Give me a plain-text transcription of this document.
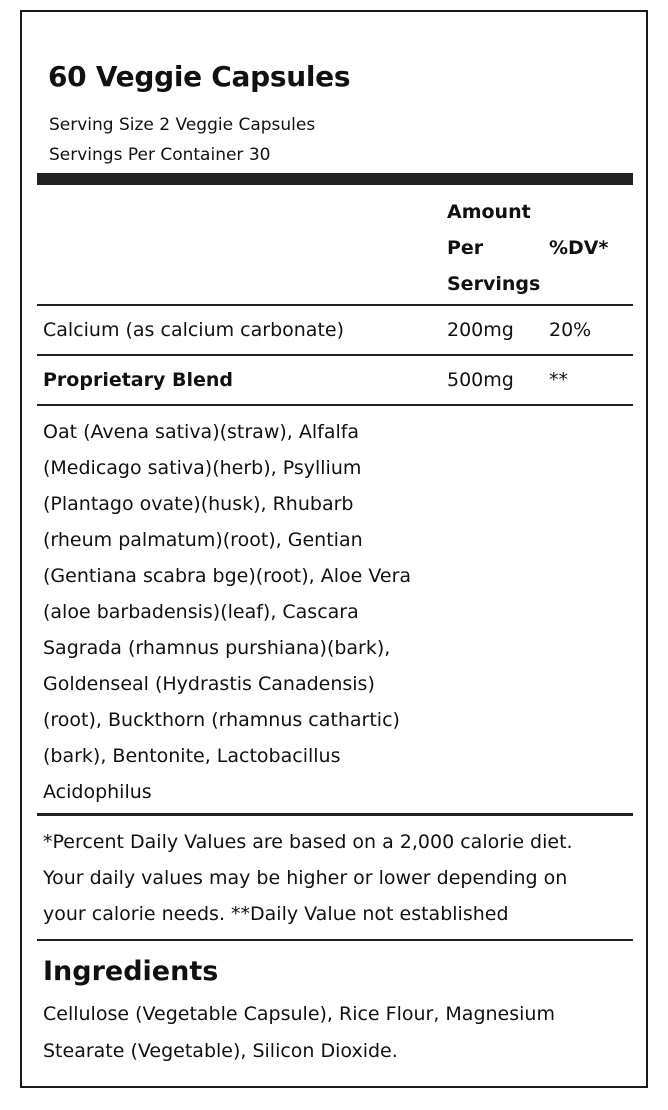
60 Veggie Capsules
Serving Size 2 Veggie Capsules
Servings Per Container 30
Amount
Per
Servings
%DV*
Calcium (as calcium carbonate)	200mg 20%
Proprietary Blend	500mg **
Oat (Avena sativa)(straw), Alfalfa
(Medicago sativa)(herb), Psyllium
(Plantago ovate)(husk), Rhubarb
(rheum palmatum)(root), Gentian
(Gentiana scabra bge)(root), Aloe Vera
(aloe barbadensis)(leaf), Cascara
Sagrada (rhamnus purshiana)(bark),
Goldenseal (Hydrastis Canadensis)
(root), Buckthorn (rhamnus cathartic)
(bark), Bentonite, Lactobacillus
Acidophilus
*Percent Daily Values are based on a 2,000 calorie diet.
Your daily values may be higher or lower depending on
your calorie needs. **Daily Value not established
Ingredients
Cellulose (Vegetable Capsule), Rice Flour, Magnesium
Stearate (Vegetable), Silicon Dioxide.
